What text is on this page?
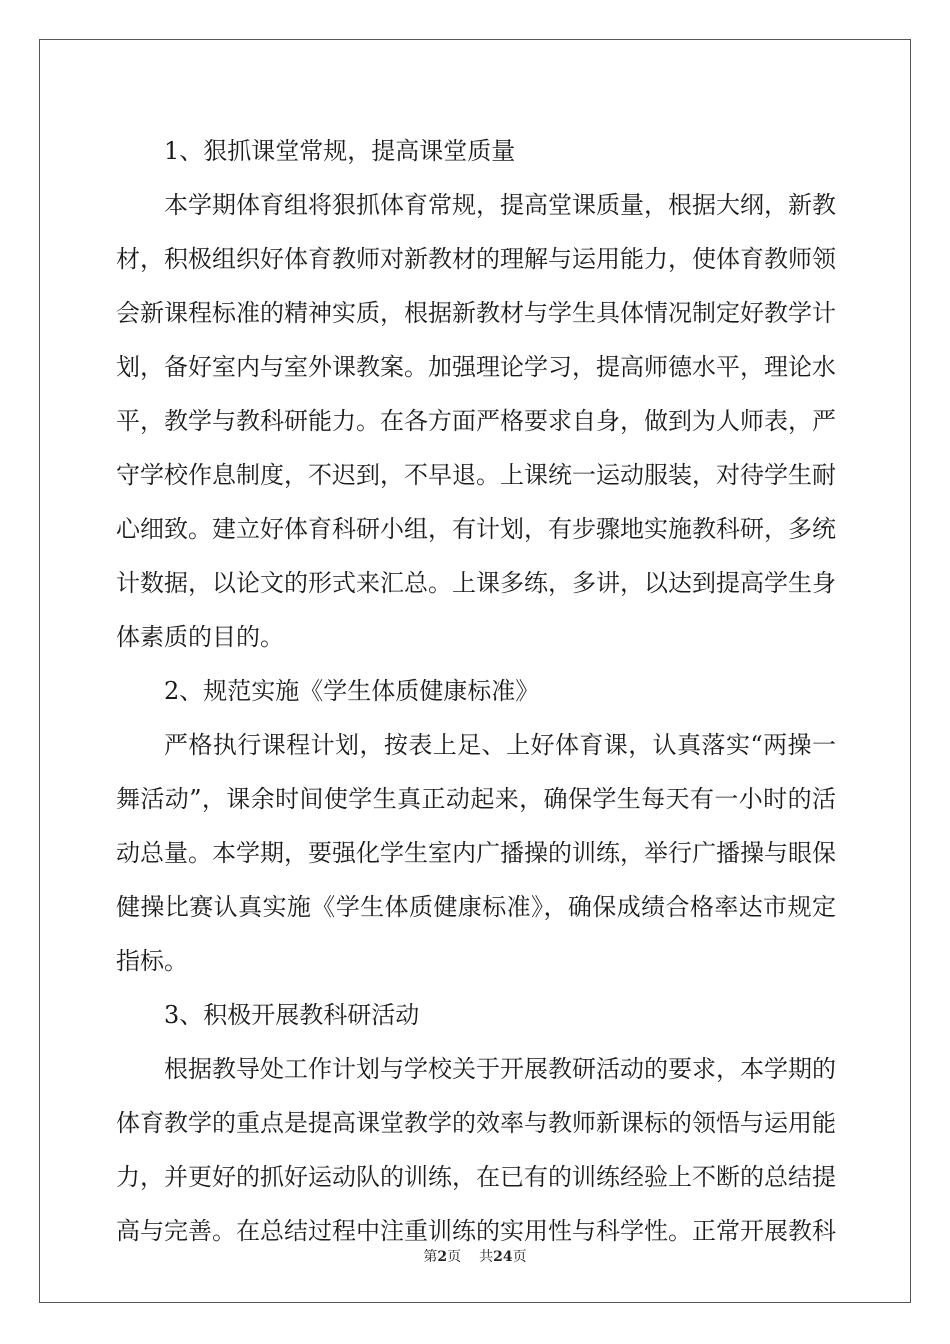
1、狠抓课堂常规，提高课堂质量
本学期体育组将狠抓体育常规，提高堂课质量，根据大纲，新教
材，积极组织好体育教师对新教材的理解与运用能力，使体育教师领
会新课程标准的精神实质，根据新教材与学生具体情况制定好教学计
划，备好室内与室外课教案。加强理论学习，提高师德水平，理论水
平，教学与教科研能力。在各方面严格要求自身，做到为人师表，严
守学校作息制度，不迟到，不早退。上课统一运动服装，对待学生耐
心细致。建立好体育科研小组，有计划，有步骤地实施教科研，多统
计数据，以论文的形式来汇总。上课多练，多讲，以达到提高学生身
体素质的目的。
2、规范实施《学生体质健康标准》
严格执行课程计划，按表上足、上好体育课，认真落实“两操一
舞活动”，课余时间使学生真正动起来，确保学生每天有一小时的活
动总量。本学期，要强化学生室内广播操的训练，举行广播操与眼保
健操比赛认真实施《学生体质健康标准》，确保成绩合格率达市规定
指标。
3、积极开展教科研活动
根据教导处工作计划与学校关于开展教研活动的要求，本学期的
体育教学的重点是提高课堂教学的效率与教师新课标的领悟与运用能
力，并更好的抓好运动队的训练，在已有的训练经验上不断的总结提
高与完善。在总结过程中注重训练的实用性与科学性。正常开展教科
第2页 共24页
